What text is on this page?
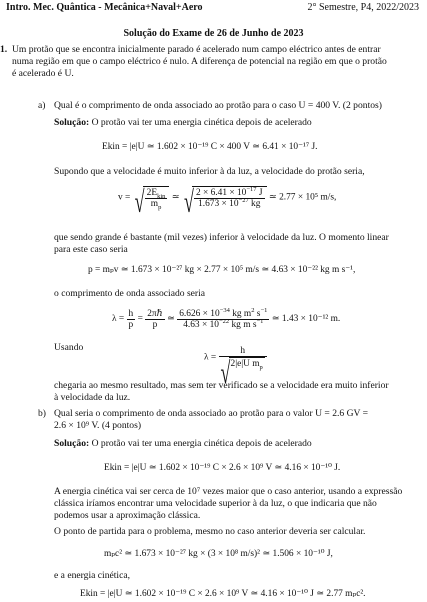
Intro. Mec. Quântica - Mecânica+Naval+Aero	2° Semestre, P4, 2022/2023
Solução do Exame de 26 de Junho de 2023
1. Um protão que se encontra inicialmente parado é acelerado num campo eléctrico antes de entrar
numa região em que o campo eléctrico é nulo. A diferença de potencial na região em que o protão
é acelerado é U.
a) Qual é o comprimento de onda associado ao protão para o caso U = 400 V. (2 pontos)
Solução: O protão vai ter uma energia cinética depois de acelerado
Ekin = |e|U ≃ 1.602 × 10⁻¹⁹ C × 400 V ≃ 6.41 × 10⁻¹⁷ J.
Supondo que a velocidade é muito inferior à da luz, a velocidade do protão seria,
v = √ $\frac{2E_{kin}}{m_p}$ ≃ √ $\frac{2 \times 6.41 \times 10^{-17} J}{1.673 \times 10^{-27} kg}$ ≃ 2.77 × 10⁵ m/s,
que sendo grande é bastante (mil vezes) inferior à velocidade da luz. O momento linear
para este caso seria
p = mₚv ≃ 1.673 × 10⁻²⁷ kg × 2.77 × 10⁵ m/s ≃ 4.63 × 10⁻²² kg m s⁻¹,
o comprimento de onda associado seria
$\lambda = \frac{h}{p} = \frac{\text{2πℏ}}{p}$ ≃ $\frac{6.626 \times 10^{-34} kg m^2 s^{-1}}{4.63 \times 10^{-22} kg m s^{-1}}$ ≃ 1.43 × 10⁻¹² m.
Usando
λ = h
√ 2|e|U $m_p$
chegaria ao mesmo resultado, mas sem ter verificado se a velocidade era muito inferior
à velocidade da luz.
b) Qual seria o comprimento de onda associado ao protão para o valor U = 2.6 GV =
2.6 × 10⁹ V. (4 pontos)
Solução: O protão vai ter uma energia cinética depois de acelerado
Ekin = |e|U ≃ 1.602 × 10⁻¹⁹ C × 2.6 × 10⁹ V ≃ 4.16 × 10⁻¹⁰ J.
A energia cinética vai ser cerca de 10⁷ vezes maior que o caso anterior, usando a expressão
clássica iríamos encontrar uma velocidade superior à da luz, o que indicaria que não
podemos usar a aproximação clássica.
O ponto de partida para o problema, mesmo no caso anterior deveria ser calcular.
mₚc² ≃ 1.673 × 10⁻²⁷ kg × (3 × 10⁸ m/s)² ≃ 1.506 × 10⁻¹⁰ J,
e a energia cinética,
Ekin = |e|U ≃ 1.602 × 10⁻¹⁹ C × 2.6 × 10⁹ V ≃ 4.16 × 10⁻¹⁰ J ≃ 2.77 mₚc².
